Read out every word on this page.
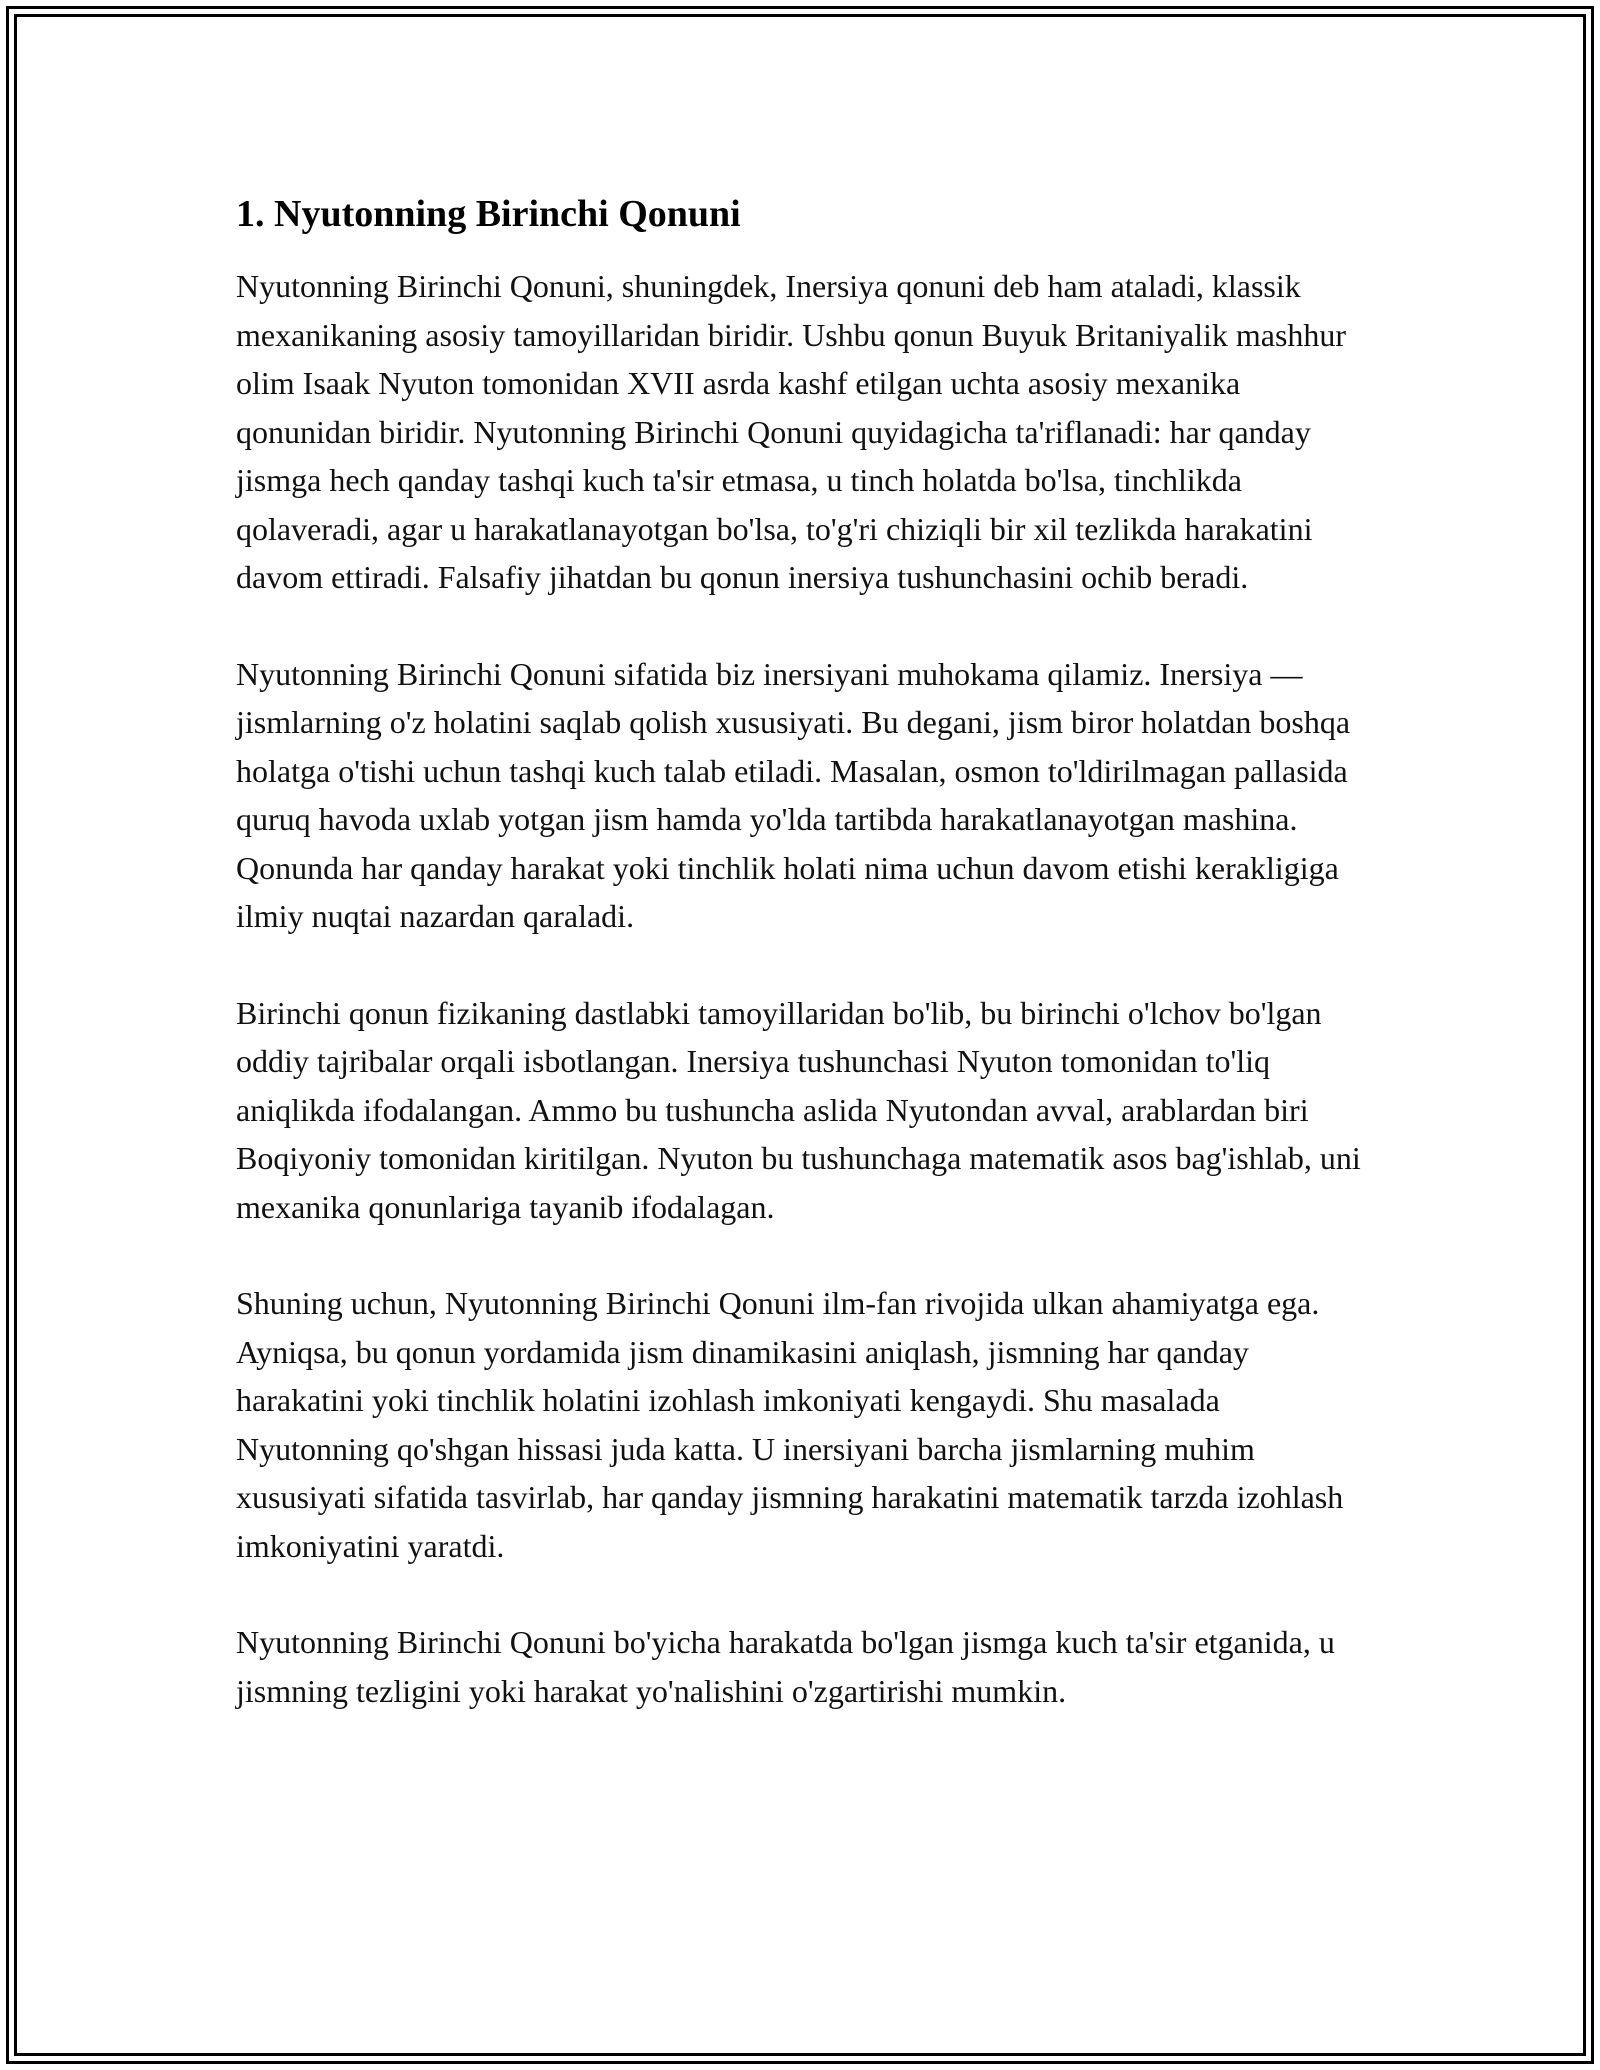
1. Nyutonning Birinchi Qonuni

Nyutonning Birinchi Qonuni, shuningdek, Inersiya qonuni deb ham ataladi, klassik mexanikaning asosiy tamoyillaridan biridir. Ushbu qonun Buyuk Britaniyalik mashhur olim Isaak Nyuton tomonidan XVII asrda kashf etilgan uchta asosiy mexanika qonunidan biridir. Nyutonning Birinchi Qonuni quyidagicha ta'riflanadi: har qanday jismga hech qanday tashqi kuch ta'sir etmasa, u tinch holatda bo'lsa, tinchlikda qolaveradi, agar u harakatlanayotgan bo'lsa, to'g'ri chiziqli bir xil tezlikda harakatini davom ettiradi. Falsafiy jihatdan bu qonun inersiya tushunchasini ochib beradi.

Nyutonning Birinchi Qonuni sifatida biz inersiyani muhokama qilamiz. Inersiya — jismlarning o'z holatini saqlab qolish xususiyati. Bu degani, jism biror holatdan boshqa holatga o'tishi uchun tashqi kuch talab etiladi. Masalan, osmon to'ldirilmagan pallasida quruq havoda uxlab yotgan jism hamda yo'lda tartibda harakatlanayotgan mashina. Qonunda har qanday harakat yoki tinchlik holati nima uchun davom etishi kerakligiga ilmiy nuqtai nazardan qaraladi.

Birinchi qonun fizikaning dastlabki tamoyillaridan bo'lib, bu birinchi o'lchov bo'lgan oddiy tajribalar orqali isbotlangan. Inersiya tushunchasi Nyuton tomonidan to'liq aniqlikda ifodalangan. Ammo bu tushuncha aslida Nyutondan avval, arablardan biri Boqiyoniy tomonidan kiritilgan. Nyuton bu tushunchaga matematik asos bag'ishlab, uni mexanika qonunlariga tayanib ifodalagan.

Shuning uchun, Nyutonning Birinchi Qonuni ilm-fan rivojida ulkan ahamiyatga ega. Ayniqsa, bu qonun yordamida jism dinamikasini aniqlash, jismning har qanday harakatini yoki tinchlik holatini izohlash imkoniyati kengaydi. Shu masalada Nyutonning qo'shgan hissasi juda katta. U inersiyani barcha jismlarning muhim xususiyati sifatida tasvirlab, har qanday jismning harakatini matematik tarzda izohlash imkoniyatini yaratdi.

Nyutonning Birinchi Qonuni bo'yicha harakatda bo'lgan jismga kuch ta'sir etganida, u jismning tezligini yoki harakat yo'nalishini o'zgartirishi mumkin.
